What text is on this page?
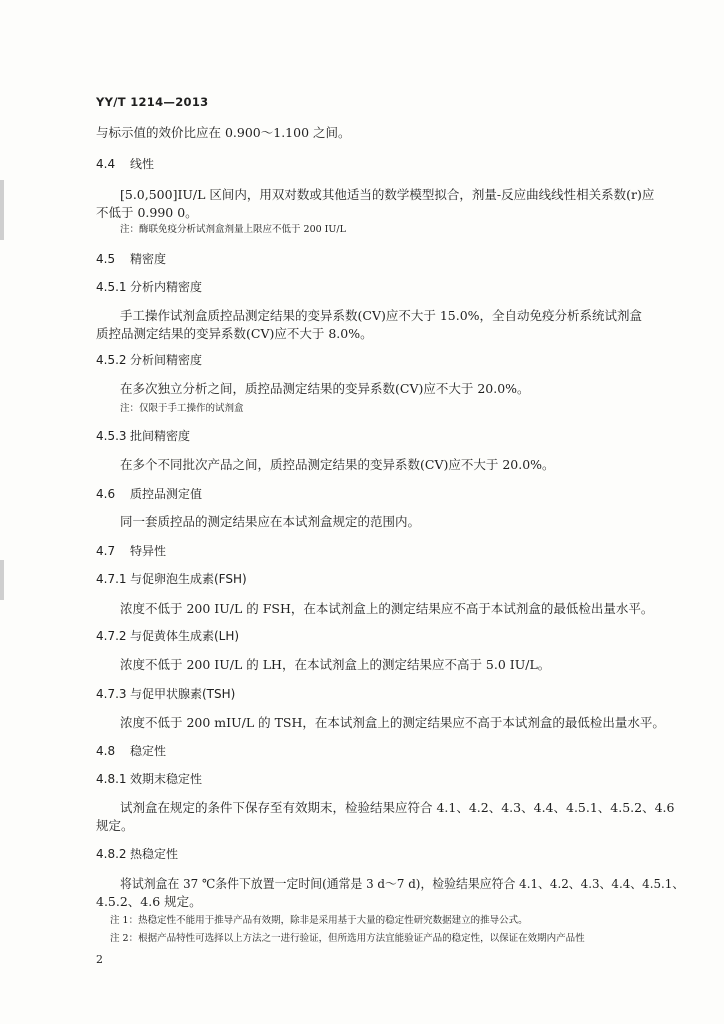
YY/T 1214—2013
与标示值的效价比应在 0.900～1.100 之间。
4.4 线性
[5.0,500]IU/L 区间内，用双对数或其他适当的数学模型拟合，剂量-反应曲线线性相关系数(r)应
不低于 0.990 0。
注：酶联免疫分析试剂盒剂量上限应不低于 200 IU/L
4.5 精密度
4.5.1 分析内精密度
手工操作试剂盒质控品测定结果的变异系数(CV)应不大于 15.0%，全自动免疫分析系统试剂盒
质控品测定结果的变异系数(CV)应不大于 8.0%。
4.5.2 分析间精密度
在多次独立分析之间，质控品测定结果的变异系数(CV)应不大于 20.0%。
注：仅限于手工操作的试剂盒
4.5.3 批间精密度
在多个不同批次产品之间，质控品测定结果的变异系数(CV)应不大于 20.0%。
4.6 质控品测定值
同一套质控品的测定结果应在本试剂盒规定的范围内。
4.7 特异性
4.7.1 与促卵泡生成素(FSH)
浓度不低于 200 IU/L 的 FSH，在本试剂盒上的测定结果应不高于本试剂盒的最低检出量水平。
4.7.2 与促黄体生成素(LH)
浓度不低于 200 IU/L 的 LH，在本试剂盒上的测定结果应不高于 5.0 IU/L。
4.7.3 与促甲状腺素(TSH)
浓度不低于 200 mIU/L 的 TSH，在本试剂盒上的测定结果应不高于本试剂盒的最低检出量水平。
4.8 稳定性
4.8.1 效期末稳定性
试剂盒在规定的条件下保存至有效期末，检验结果应符合 4.1、4.2、4.3、4.4、4.5.1、4.5.2、4.6
规定。
4.8.2 热稳定性
将试剂盒在 37 ℃条件下放置一定时间(通常是 3 d～7 d)，检验结果应符合 4.1、4.2、4.3、4.4、4.5.1、
4.5.2、4.6 规定。
注 1：热稳定性不能用于推导产品有效期，除非是采用基于大量的稳定性研究数据建立的推导公式。
注 2：根据产品特性可选择以上方法之一进行验证，但所选用方法宜能验证产品的稳定性，以保证在效期内产品性
2
